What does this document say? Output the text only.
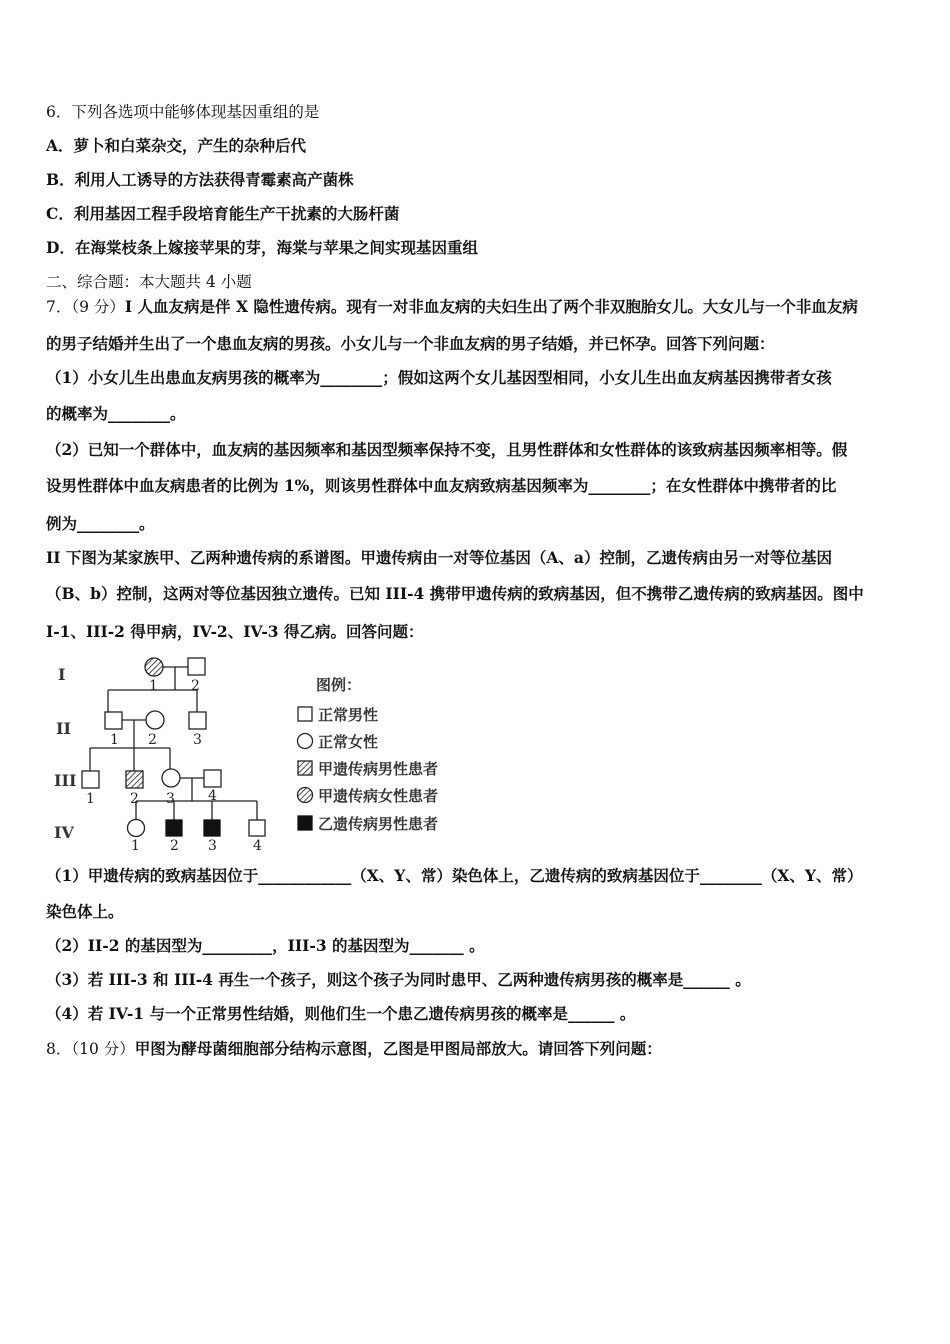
6．下列各选项中能够体现基因重组的是
A．萝卜和白菜杂交，产生的杂种后代
B．利用人工诱导的方法获得青霉素高产菌株
C．利用基因工程手段培育能生产干扰素的大肠杆菌
D．在海棠枝条上嫁接苹果的芽，海棠与苹果之间实现基因重组
二、综合题：本大题共 4 小题
7．（9 分）I 人血友病是伴 X 隐性遗传病。现有一对非血友病的夫妇生出了两个非双胞胎女儿。大女儿与一个非血友病
的男子结婚并生出了一个患血友病的男孩。小女儿与一个非血友病的男子结婚，并已怀孕。回答下列问题：
（1）小女儿生出患血友病男孩的概率为________；假如这两个女儿基因型相同，小女儿生出血友病基因携带者女孩
的概率为________。
（2）已知一个群体中，血友病的基因频率和基因型频率保持不变，且男性群体和女性群体的该致病基因频率相等。假
设男性群体中血友病患者的比例为 1%，则该男性群体中血友病致病基因频率为________；在女性群体中携带者的比
例为________。
II 下图为某家族甲、乙两种遗传病的系谱图。甲遗传病由一对等位基因（A、a）控制，乙遗传病由另一对等位基因
（B、b）控制，这两对等位基因独立遗传。已知 III-4 携带甲遗传病的致病基因，但不携带乙遗传病的致病基因。图中
I-1、III-2 得甲病，IV-2、IV-3 得乙病。回答问题：
I
II
III
IV
1 2
1 2	3
1	2 3 4
1 2 3	4
图例：
正常男性
正常女性
甲遗传病男性患者
甲遗传病女性患者
乙遗传病男性患者
（1）甲遗传病的致病基因位于____________（X、Y、常）染色体上，乙遗传病的致病基因位于________（X、Y、常）
染色体上。
（2）II-2 的基因型为_________，III-3 的基因型为_______ 。
（3）若 III-3 和 III-4 再生一个孩子，则这个孩子为同时患甲、乙两种遗传病男孩的概率是______ 。
（4）若 IV-1 与一个正常男性结婚，则他们生一个患乙遗传病男孩的概率是______ 。
8．（10 分）甲图为酵母菌细胞部分结构示意图，乙图是甲图局部放大。请回答下列问题：
